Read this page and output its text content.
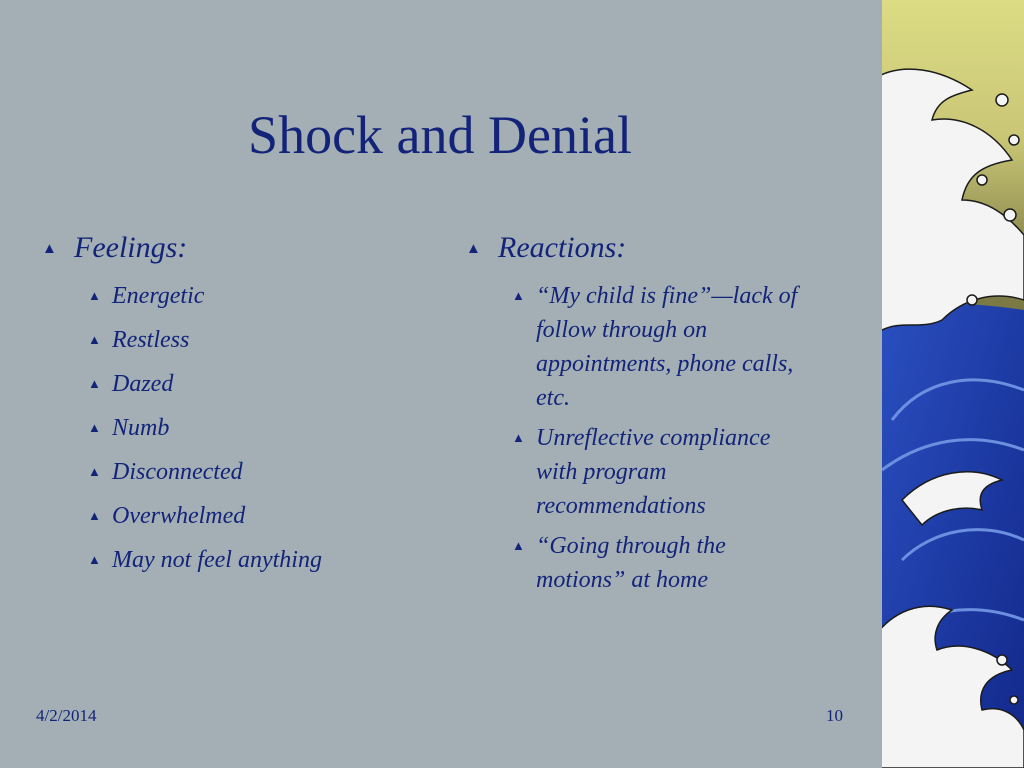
Shock and Denial
▲ Feelings:
▲ Energetic
▲ Restless
▲ Dazed
▲ Numb
▲ Disconnected
▲ Overwhelmed
▲ May not feel anything
▲ Reactions:
▲ “My child is fine”—lack of follow through on appointments, phone calls, etc.
▲ Unreflective compliance with program recommendations
▲ “Going through the motions” at home
4/2/2014	10
